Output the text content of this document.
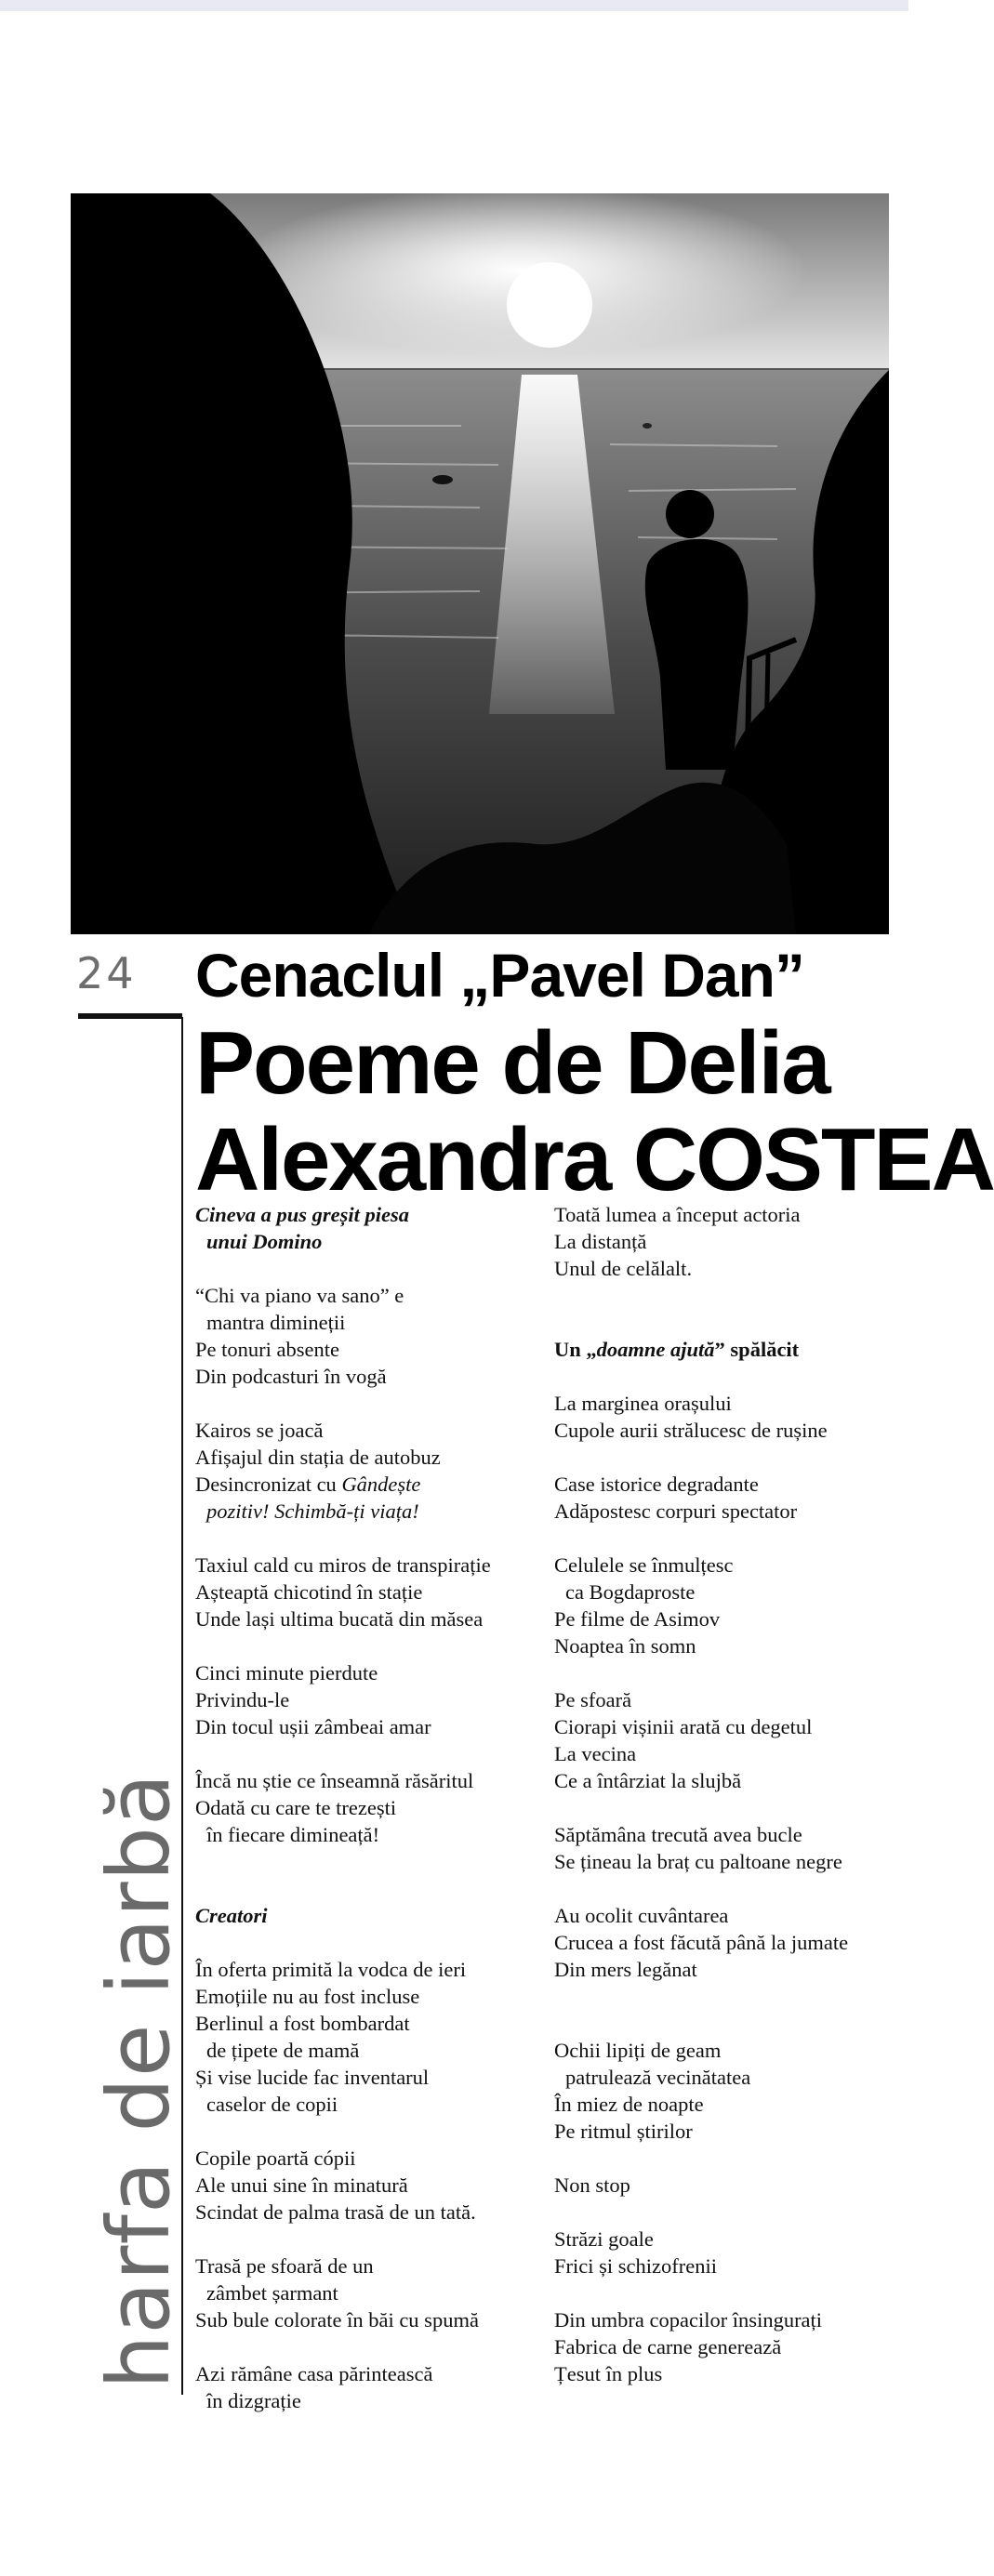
24
harfa de iarbă
Cenaclul „Pavel Dan”
Poeme de Delia
Alexandra COSTEA
Cineva a pus greșit piesa
unui Domino
“Chi va piano va sano” e
mantra dimineții
Pe tonuri absente
Din podcasturi în vogă
Kairos se joacă
Afișajul din stația de autobuz
Desincronizat cu Gândește
pozitiv! Schimbă-ți viața!
Taxiul cald cu miros de transpirație
Așteaptă chicotind în stație
Unde lași ultima bucată din măsea
Cinci minute pierdute
Privindu-le
Din tocul ușii zâmbeai amar
Încă nu știe ce înseamnă răsăritul
Odată cu care te trezești
în fiecare dimineață!
Creatori
În oferta primită la vodca de ieri
Emoțiile nu au fost incluse
Berlinul a fost bombardat
de țipete de mamă
Și vise lucide fac inventarul
caselor de copii
Copile poartă cópii
Ale unui sine în minatură
Scindat de palma trasă de un tată.
Trasă pe sfoară de un
zâmbet șarmant
Sub bule colorate în băi cu spumă
Azi rămâne casa părintească
în dizgrație
Toată lumea a început actoria
La distanță
Unul de celălalt.
Un „doamne ajută” spălăcit
La marginea orașului
Cupole aurii strălucesc de rușine
Case istorice degradante
Adăpostesc corpuri spectator
Celulele se înmulțesc
ca Bogdaproste
Pe filme de Asimov
Noaptea în somn
Pe sfoară
Ciorapi vișinii arată cu degetul
La vecina
Ce a întârziat la slujbă
Săptămâna trecută avea bucle
Se țineau la braț cu paltoane negre
Au ocolit cuvântarea
Crucea a fost făcută până la jumate
Din mers legănat
Ochii lipiți de geam
patrulează vecinătatea
În miez de noapte
Pe ritmul știrilor
Non stop
Străzi goale
Frici și schizofrenii
Din umbra copacilor însingurați
Fabrica de carne generează
Țesut în plus
